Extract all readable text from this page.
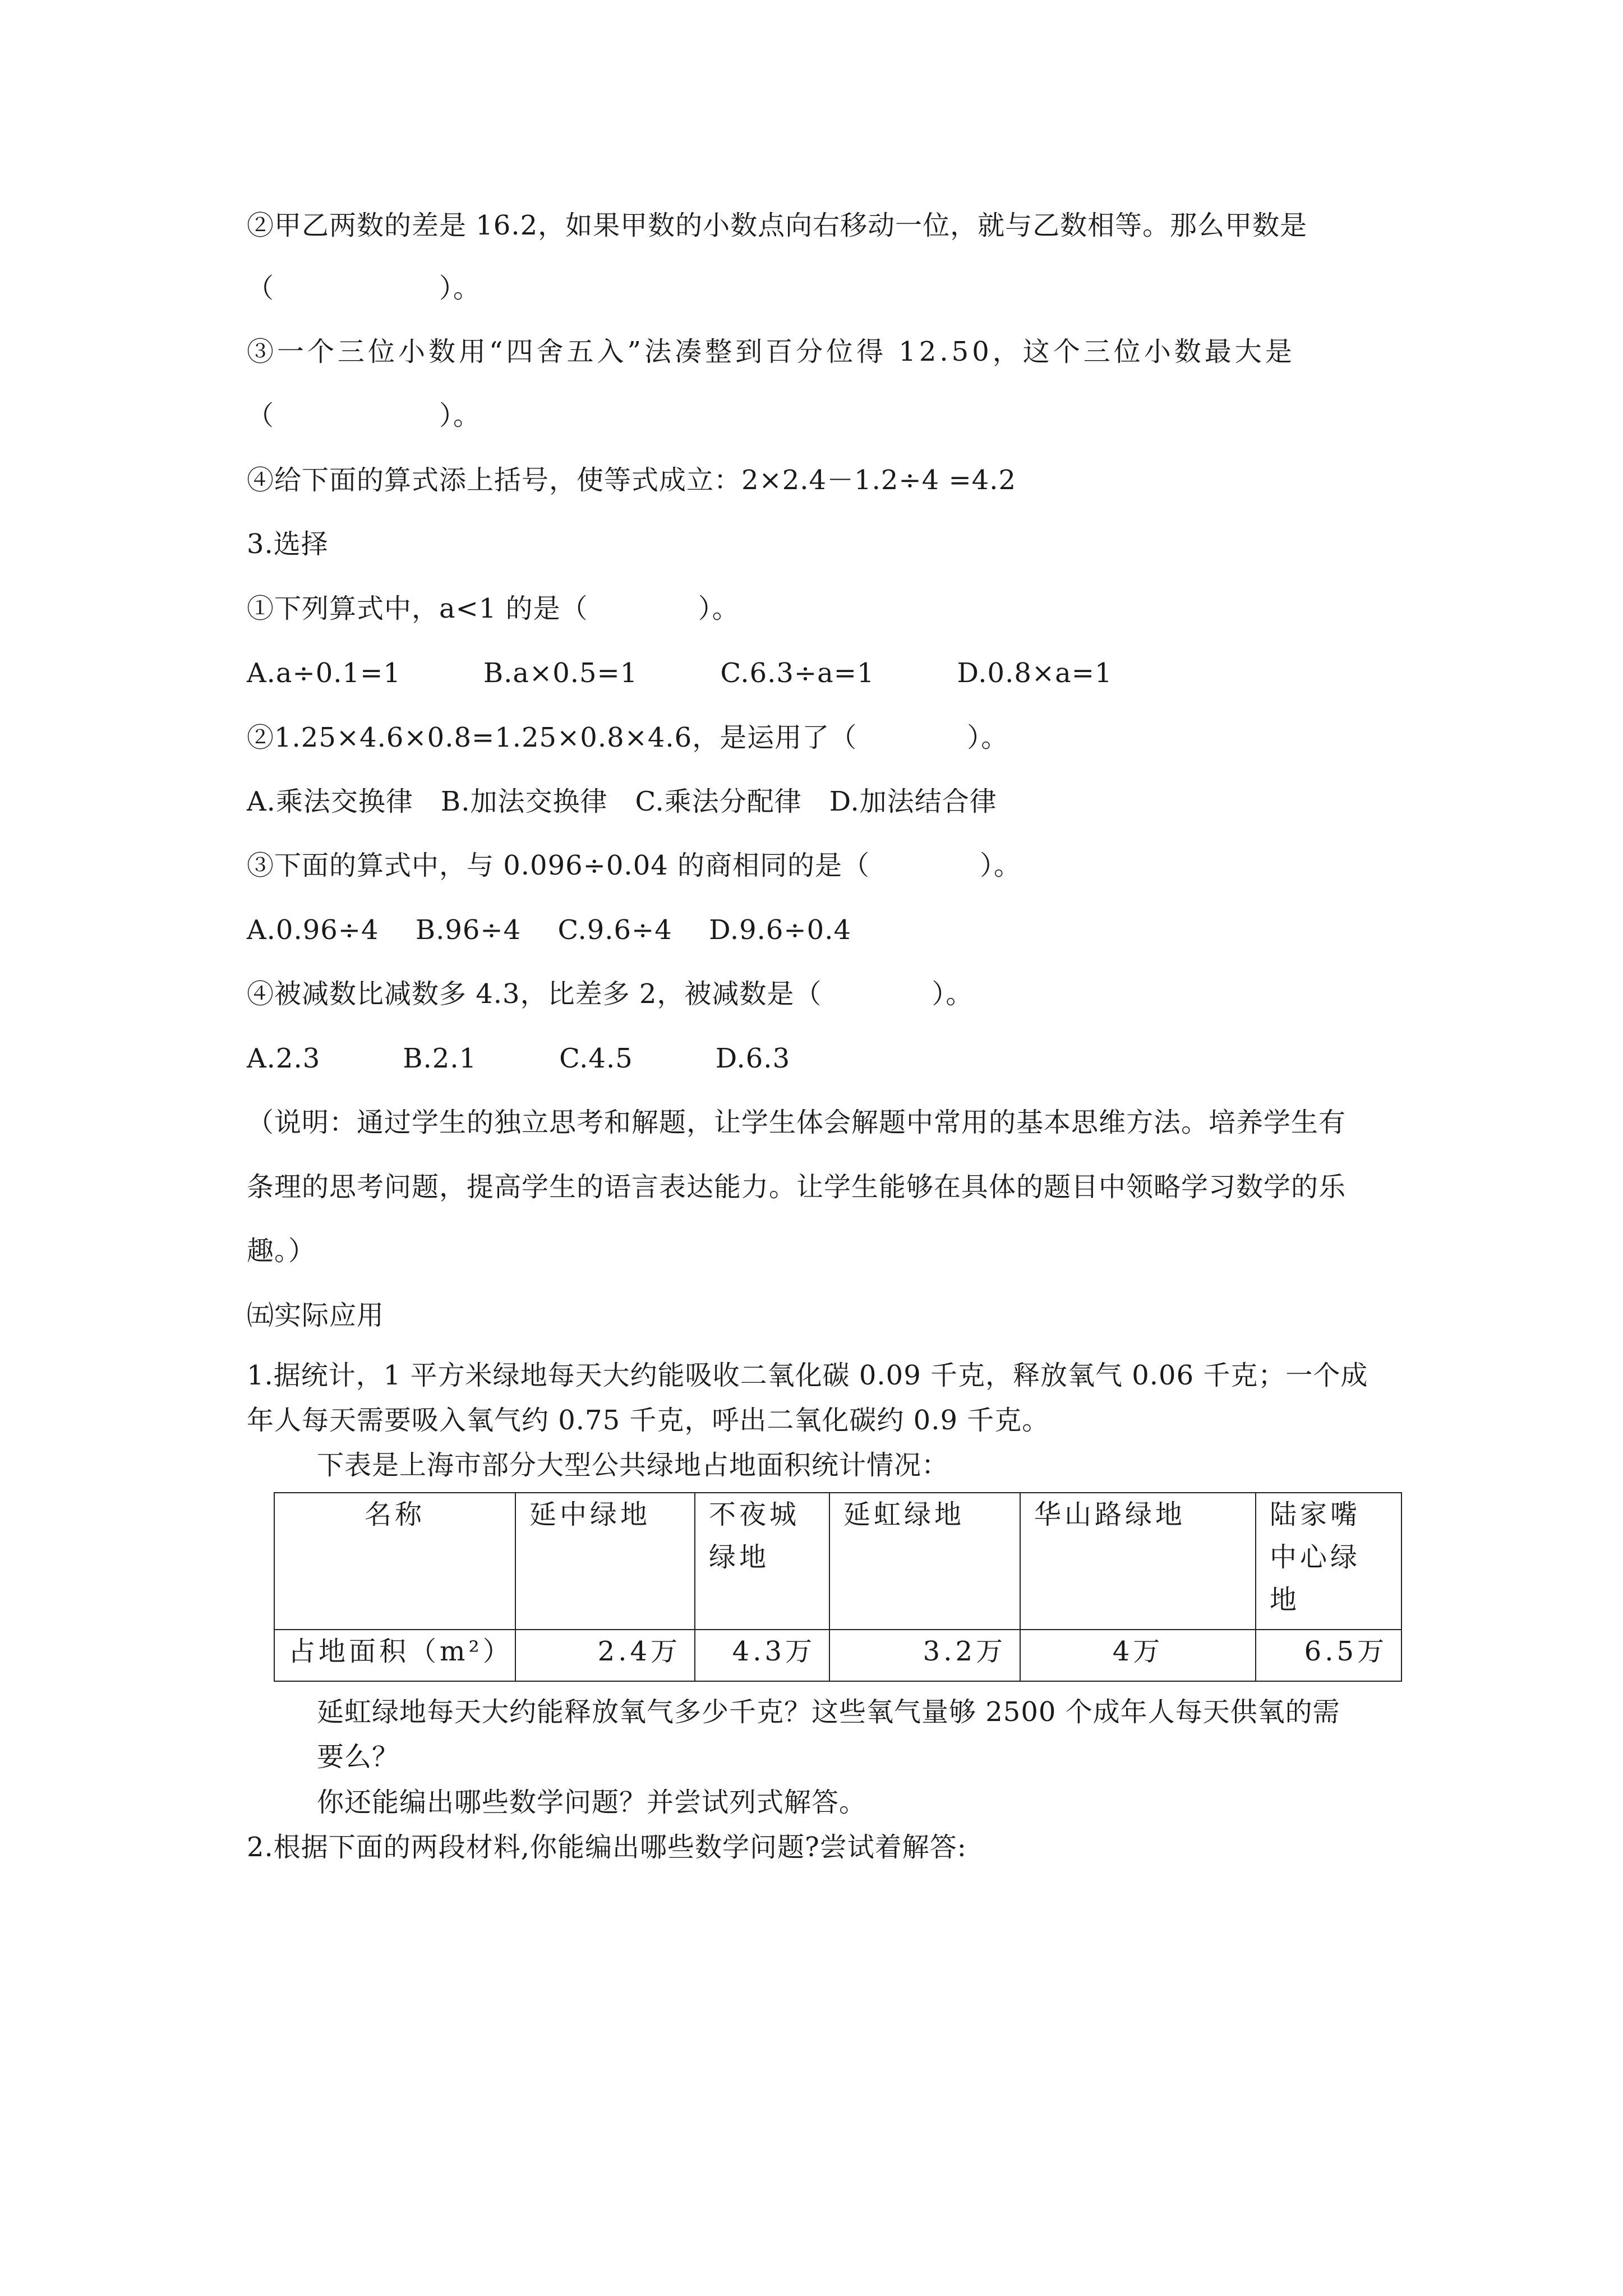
②甲乙两数的差是 16.2，如果甲数的小数点向右移动一位，就与乙数相等。那么甲数是
（　　　　　　）。
③一个三位小数用“四舍五入”法凑整到百分位得 12.50，这个三位小数最大是
（　　　　　　）。
④给下面的算式添上括号，使等式成立：2×2.4－1.2÷4 =4.2
3.选择
①下列算式中，a<1 的是（　　　　）。
A.a÷0.1=1　　　B.a×0.5=1　　　C.6.3÷a=1　　　D.0.8×a=1
②1.25×4.6×0.8=1.25×0.8×4.6，是运用了（　　　　）。
A.乘法交换律　B.加法交换律　C.乘法分配律　D.加法结合律
③下面的算式中，与 0.096÷0.04 的商相同的是（　　　　）。
A.0.96÷4　 B.96÷4　 C.9.6÷4　 D.9.6÷0.4
④被减数比减数多 4.3，比差多 2，被减数是（　　　　）。
A.2.3　　　B.2.1　　　C.4.5　　　D.6.3
（说明：通过学生的独立思考和解题，让学生体会解题中常用的基本思维方法。培养学生有
条理的思考问题，提高学生的语言表达能力。让学生能够在具体的题目中领略学习数学的乐
趣。）
㈤实际应用
1.据统计，1 平方米绿地每天大约能吸收二氧化碳 0.09 千克，释放氧气 0.06 千克；一个成
年人每天需要吸入氧气约 0.75 千克，呼出二氧化碳约 0.9 千克。
下表是上海市部分大型公共绿地占地面积统计情况：
名称	延中绿地	不夜城绿地	延虹绿地	华山路绿地	陆家嘴中心绿地
占地面积（m²）	2.4万	4.3万	3.2万	4万	6.5万
延虹绿地每天大约能释放氧气多少千克？这些氧气量够 2500 个成年人每天供氧的需
要么？
你还能编出哪些数学问题？并尝试列式解答。
2.根据下面的两段材料,你能编出哪些数学问题?尝试着解答:
